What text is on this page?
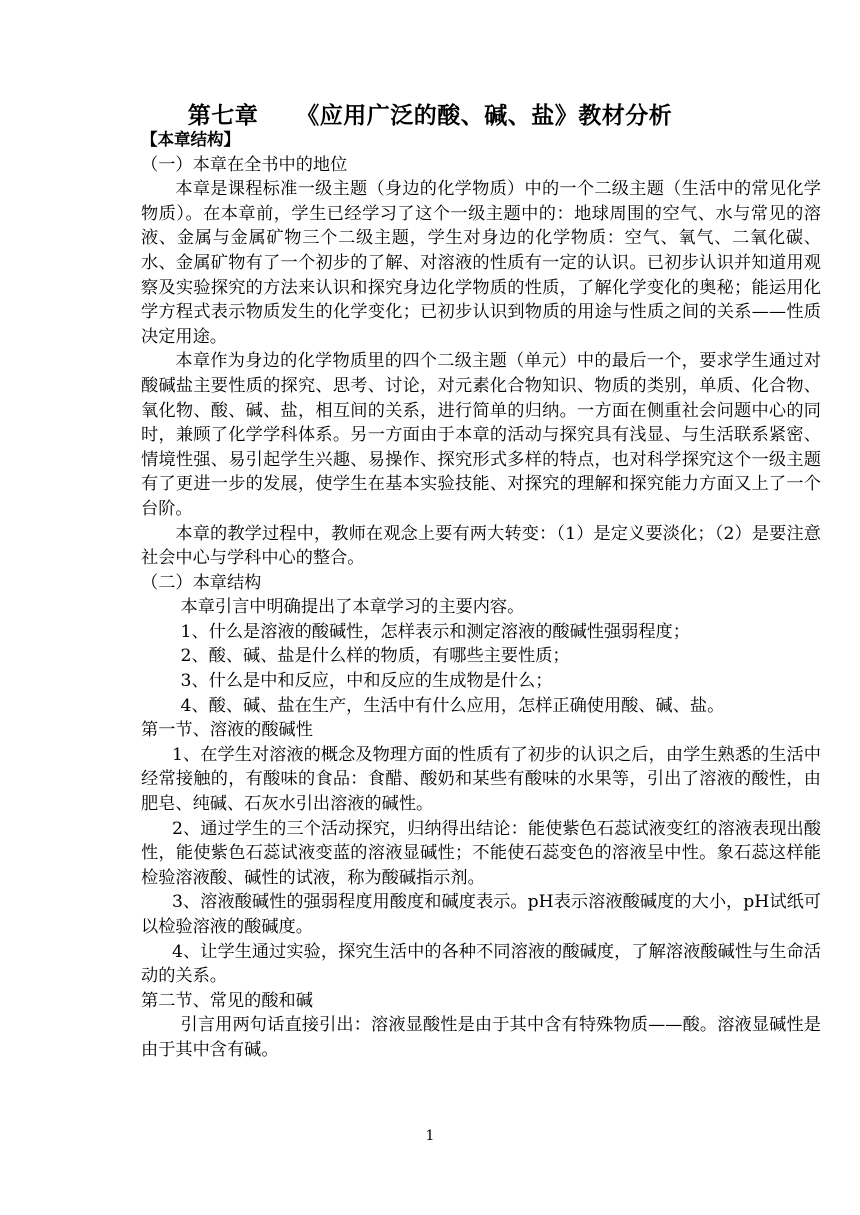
第七章 《应用广泛的酸、碱、盐》教材分析

【本章结构】

（一）本章在全书中的地位

本章是课程标准一级主题（身边的化学物质）中的一个二级主题（生活中的常见化学物质）。在本章前，学生已经学习了这个一级主题中的：地球周围的空气、水与常见的溶液、金属与金属矿物三个二级主题，学生对身边的化学物质：空气、氧气、二氧化碳、水、金属矿物有了一个初步的了解、对溶液的性质有一定的认识。已初步认识并知道用观察及实验探究的方法来认识和探究身边化学物质的性质，了解化学变化的奥秘；能运用化学方程式表示物质发生的化学变化；已初步认识到物质的用途与性质之间的关系——性质决定用途。

本章作为身边的化学物质里的四个二级主题（单元）中的最后一个，要求学生通过对酸碱盐主要性质的探究、思考、讨论，对元素化合物知识、物质的类别，单质、化合物、氧化物、酸、碱、盐，相互间的关系，进行简单的归纳。一方面在侧重社会问题中心的同时，兼顾了化学学科体系。另一方面由于本章的活动与探究具有浅显、与生活联系紧密、情境性强、易引起学生兴趣、易操作、探究形式多样的特点，也对科学探究这个一级主题有了更进一步的发展，使学生在基本实验技能、对探究的理解和探究能力方面又上了一个台阶。

本章的教学过程中，教师在观念上要有两大转变：（1）是定义要淡化；（2）是要注意社会中心与学科中心的整合。

（二）本章结构

本章引言中明确提出了本章学习的主要内容。

1、什么是溶液的酸碱性，怎样表示和测定溶液的酸碱性强弱程度；

2、酸、碱、盐是什么样的物质，有哪些主要性质；

3、什么是中和反应，中和反应的生成物是什么；

4、酸、碱、盐在生产，生活中有什么应用，怎样正确使用酸、碱、盐。

第一节、溶液的酸碱性

1、在学生对溶液的概念及物理方面的性质有了初步的认识之后，由学生熟悉的生活中经常接触的，有酸味的食品：食醋、酸奶和某些有酸味的水果等，引出了溶液的酸性，由肥皂、纯碱、石灰水引出溶液的碱性。

2、通过学生的三个活动探究，归纳得出结论：能使紫色石蕊试液变红的溶液表现出酸性，能使紫色石蕊试液变蓝的溶液显碱性；不能使石蕊变色的溶液呈中性。象石蕊这样能检验溶液酸、碱性的试液，称为酸碱指示剂。

3、溶液酸碱性的强弱程度用酸度和碱度表示。pH表示溶液酸碱度的大小，pH试纸可以检验溶液的酸碱度。

4、让学生通过实验，探究生活中的各种不同溶液的酸碱度，了解溶液酸碱性与生命活动的关系。

第二节、常见的酸和碱

引言用两句话直接引出：溶液显酸性是由于其中含有特殊物质——酸。溶液显碱性是由于其中含有碱。

1
